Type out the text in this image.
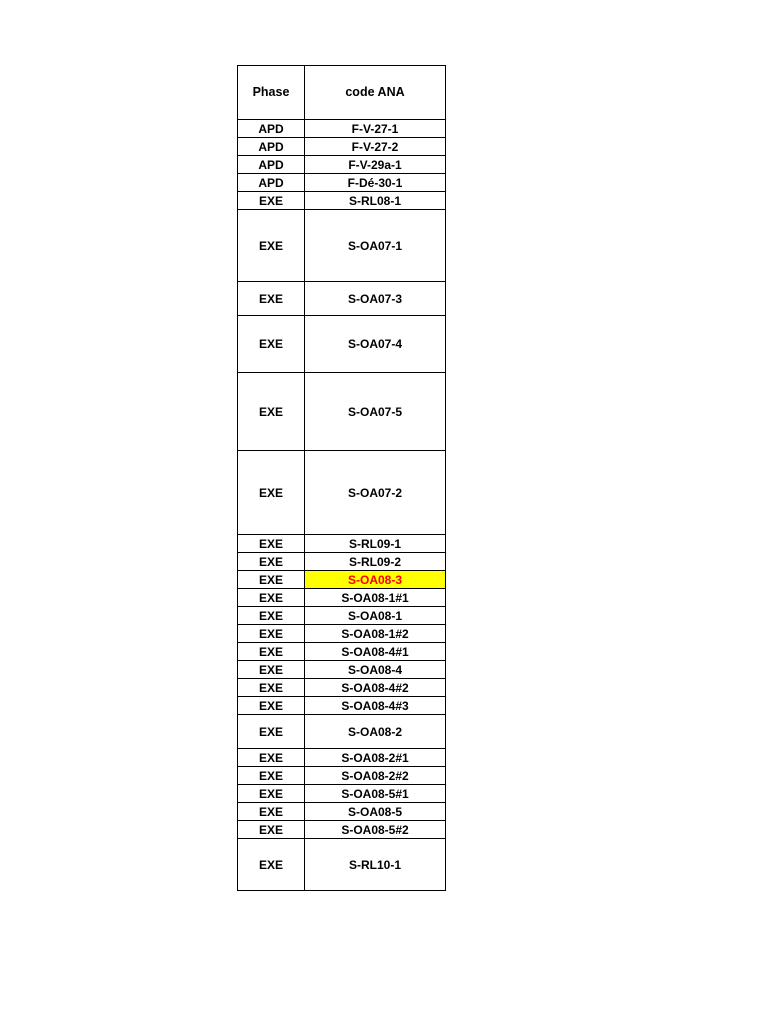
Phase	code ANA
APD	F-V-27-1
APD	F-V-27-2
APD	F-V-29a-1
APD	F-Dé-30-1
EXE	S-RL08-1
EXE	S-OA07-1
EXE	S-OA07-3
EXE	S-OA07-4
EXE	S-OA07-5
EXE	S-OA07-2
EXE	S-RL09-1
EXE	S-RL09-2
EXE	S-OA08-3
EXE	S-OA08-1#1
EXE	S-OA08-1
EXE	S-OA08-1#2
EXE	S-OA08-4#1
EXE	S-OA08-4
EXE	S-OA08-4#2
EXE	S-OA08-4#3
EXE	S-OA08-2
EXE	S-OA08-2#1
EXE	S-OA08-2#2
EXE	S-OA08-5#1
EXE	S-OA08-5
EXE	S-OA08-5#2
EXE	S-RL10-1
